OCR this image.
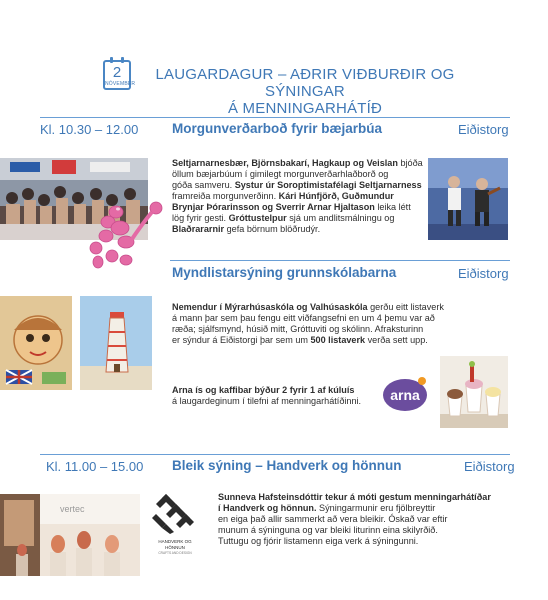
2
NÓVEMBER
LAUGARDAGUR – AÐRIR VIÐBURÐIR OG SÝNINGAR
Á MENNINGARHÁTÍÐ
Kl. 10.30 – 12.00 Morgunverðarboð fyrir bæjarbúa	Eiðistorg
Seltjarnarnesbær, Björnsbakarí, Hagkaup og Veislan bjóða
öllum bæjarbúum í gimilegt morgunverðarhlaðborð og
góða samveru. Systur úr Soroptimistafélagi Seltjarnarness
framreiða morgunverðinn. Kári Húnfjörð, Guðmundur
Brynjar Þórarinsson og Sverrir Arnar Hjaltason leika létt
lög fyrir gesti. Gróttustelpur sjá um andlitsmálningu og
Blaðrararnir gefa börnum blöðrudýr.
Myndlistarsýning grunnskólabarna	Eiðistorg
Nemendur í Mýrarhúsaskóla og Valhúsaskóla gerðu eitt listaverk
á mann þar sem þau fengu eitt viðfangsefni en um 4 þemu var að
ræða; sjálfsmynd, húsið mitt, Gróttuviti og skólinn. Afraksturinn
er sýndur á Eiðistorgi þar sem um 500 listaverk verða sett upp.
Arna ís og kaffibar býður 2 fyrir 1 af kúluís
á laugardeginum í tilefni af menningarhátíðinni.	arna
Kl. 11.00 – 15.00 Bleik sýning – Handverk og hönnun	Eiðistorg
vertec
HANDVERK OG HÖNNUN
CRAFTS AND DESIGN
Sunneva Hafsteinsdóttir tekur á móti gestum menningarhátíðar
í Handverk og hönnun. Sýningarmunir eru fjölbreyttir
en eiga það allir sammerkt að vera bleikir. Óskað var eftir
munum á sýninguna og var bleiki liturinn eina skilyrðið.
Tuttugu og fjórir listamenn eiga verk á sýningunni.
